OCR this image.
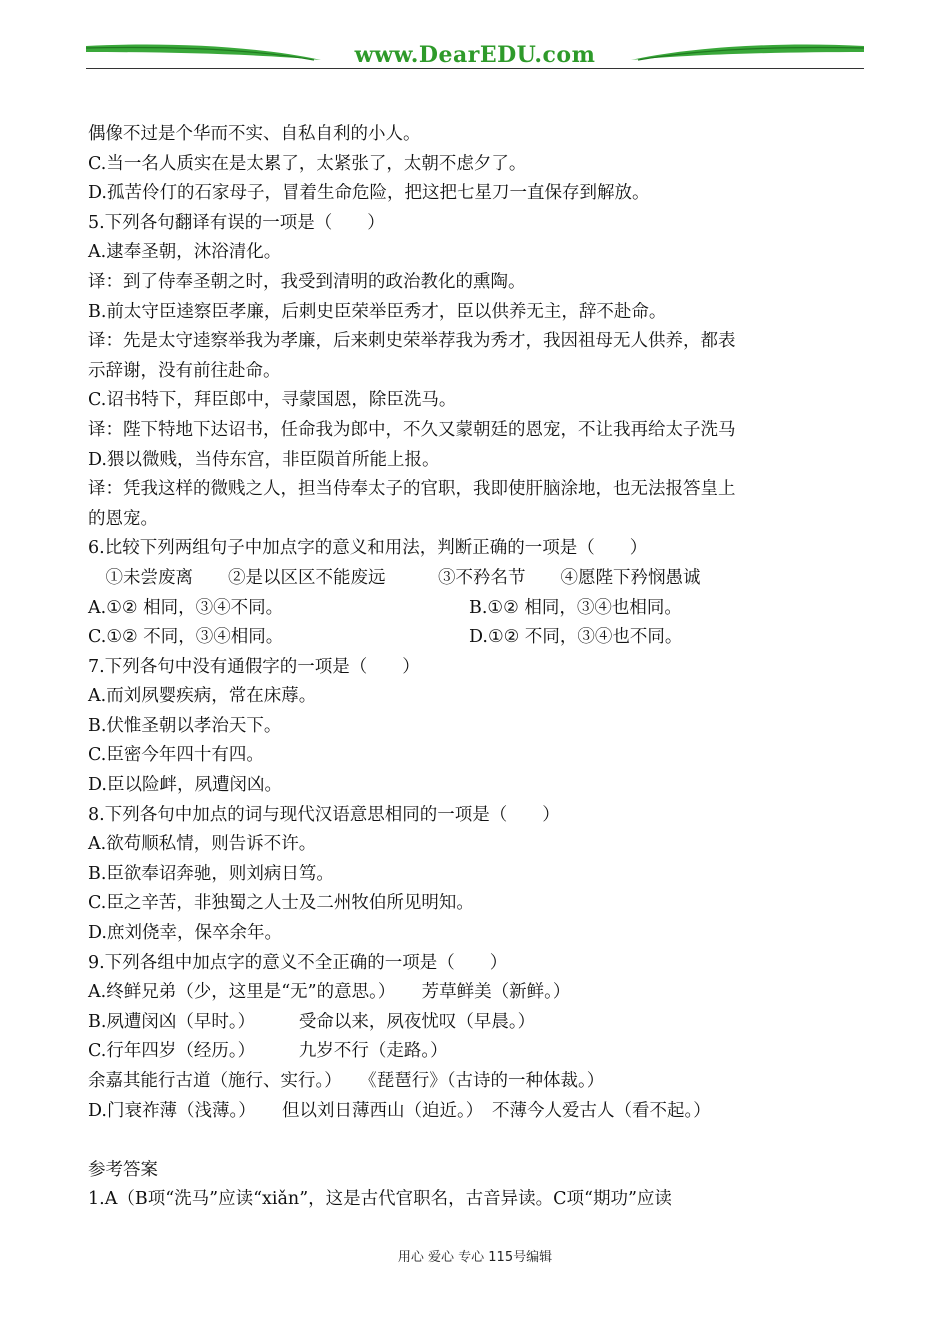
www.DearEDU.com
偶像不过是个华而不实、自私自利的小人。
C.当一名人质实在是太累了，太紧张了，太朝不虑夕了。
D.孤苦伶仃的石家母子，冒着生命危险，把这把七星刀一直保存到解放。
5.下列各句翻译有误的一项是（　　）
A.逮奉圣朝，沐浴清化。
译：到了侍奉圣朝之时，我受到清明的政治教化的熏陶。
B.前太守臣逵察臣孝廉，后刺史臣荣举臣秀才，臣以供养无主，辞不赴命。
译：先是太守逵察举我为孝廉，后来刺史荣举荐我为秀才，我因祖母无人供养，都表
示辞谢，没有前往赴命。
C.诏书特下，拜臣郎中，寻蒙国恩，除臣洗马。
译：陛下特地下达诏书，任命我为郎中，不久又蒙朝廷的恩宠，不让我再给太子洗马
D.猥以微贱，当侍东宫，非臣陨首所能上报。
译：凭我这样的微贱之人，担当侍奉太子的官职，我即使肝脑涂地，也无法报答皇上
的恩宠。
6.比较下列两组句子中加点字的意义和用法，判断正确的一项是（　　）
　①未尝废离　　②是以区区不能废远　　　③不矜名节　　④愿陛下矜悯愚诚
A.①② 相同，③④不同。	B.①② 相同，③④也相同。
C.①② 不同，③④相同。	D.①② 不同，③④也不同。
7.下列各句中没有通假字的一项是（　　）
A.而刘夙婴疾病，常在床蓐。
B.伏惟圣朝以孝治天下。
C.臣密今年四十有四。
D.臣以险衅，夙遭闵凶。
8.下列各句中加点的词与现代汉语意思相同的一项是（　　）
A.欲苟顺私情，则告诉不许。
B.臣欲奉诏奔驰，则刘病日笃。
C.臣之辛苦，非独蜀之人士及二州牧伯所见明知。
D.庶刘侥幸，保卒余年。
9.下列各组中加点字的意义不全正确的一项是（　　）
A.终鲜兄弟（少，这里是“无”的意思。）　　芳草鲜美（新鲜。）
B.夙遭闵凶（早时。）　　　受命以来，夙夜忧叹（早晨。）
C.行年四岁（经历。）　　　九岁不行（走路。）
余嘉其能行古道（施行、实行。）　　《琵琶行》（古诗的一种体裁。）
D.门衰祚薄（浅薄。）　　但以刘日薄西山（迫近。）　不薄今人爱古人（看不起。）
参考答案
1.A（B项“洗马”应读“xiǎn”，这是古代官职名，古音异读。C项“期功”应读
用心 爱心 专心 115号编辑
